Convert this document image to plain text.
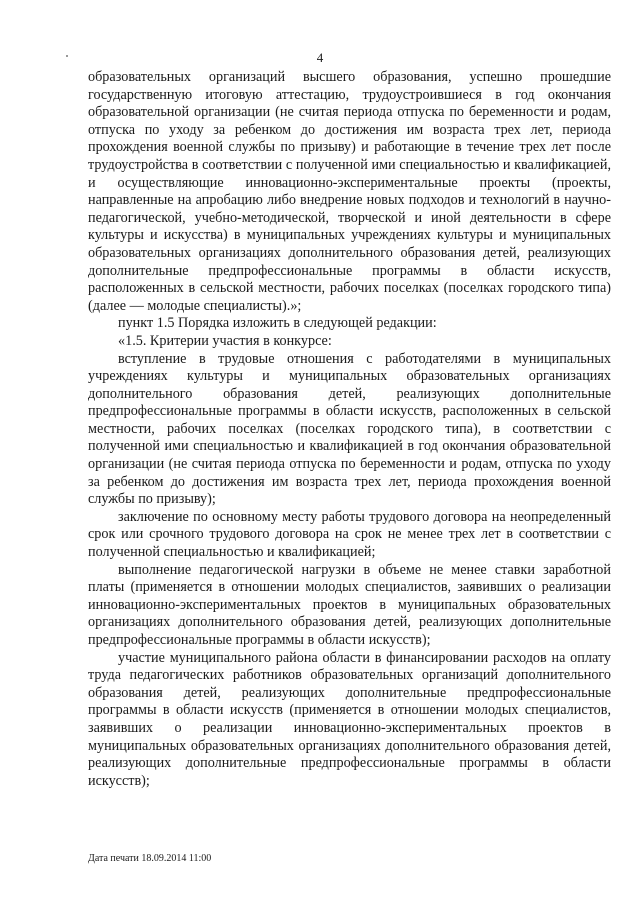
4

образовательных организаций высшего образования, успешно прошедшие государственную итоговую аттестацию, трудоустроившиеся в год окончания образовательной организации (не считая периода отпуска по беременности и родам, отпуска по уходу за ребенком до достижения им возраста трех лет, периода прохождения военной службы по призыву) и работающие в течение трех лет после трудоустройства в соответствии с полученной ими специальностью и квалификацией, и осуществляющие инновационно-экспериментальные проекты (проекты, направленные на апробацию либо внедрение новых подходов и технологий в научно-педагогической, учебно-методической, творческой и иной деятельности в сфере культуры и искусства) в муниципальных учреждениях культуры и муниципальных образовательных организациях дополнительного образования детей, реализующих дополнительные предпрофессиональные программы в области искусств, расположенных в сельской местности, рабочих поселках (поселках городского типа) (далее — молодые специалисты).»;

пункт 1.5 Порядка изложить в следующей редакции:

«1.5. Критерии участия в конкурсе:

вступление в трудовые отношения с работодателями в муниципальных учреждениях культуры и муниципальных образовательных организациях дополнительного образования детей, реализующих дополнительные предпрофессиональные программы в области искусств, расположенных в сельской местности, рабочих поселках (поселках городского типа), в соответствии с полученной ими специальностью и квалификацией в год окончания образовательной организации (не считая периода отпуска по беременности и родам, отпуска по уходу за ребенком до достижения им возраста трех лет, периода прохождения военной службы по призыву);

заключение по основному месту работы трудового договора на неопределенный срок или срочного трудового договора на срок не менее трех лет в соответствии с полученной специальностью и квалификацией;

выполнение педагогической нагрузки в объеме не менее ставки заработной платы (применяется в отношении молодых специалистов, заявивших о реализации инновационно-экспериментальных проектов в муниципальных образовательных организациях дополнительного образования детей, реализующих дополнительные предпрофессиональные программы в области искусств);

участие муниципального района области в финансировании расходов на оплату труда педагогических работников образовательных организаций дополнительного образования детей, реализующих дополнительные предпрофессиональные программы в области искусств (применяется в отношении молодых специалистов, заявивших о реализации инновационно-экспериментальных проектов в муниципальных образовательных организациях дополнительного образования детей, реализующих дополнительные предпрофессиональные программы в области искусств);

Дата печати 18.09.2014 11:00
